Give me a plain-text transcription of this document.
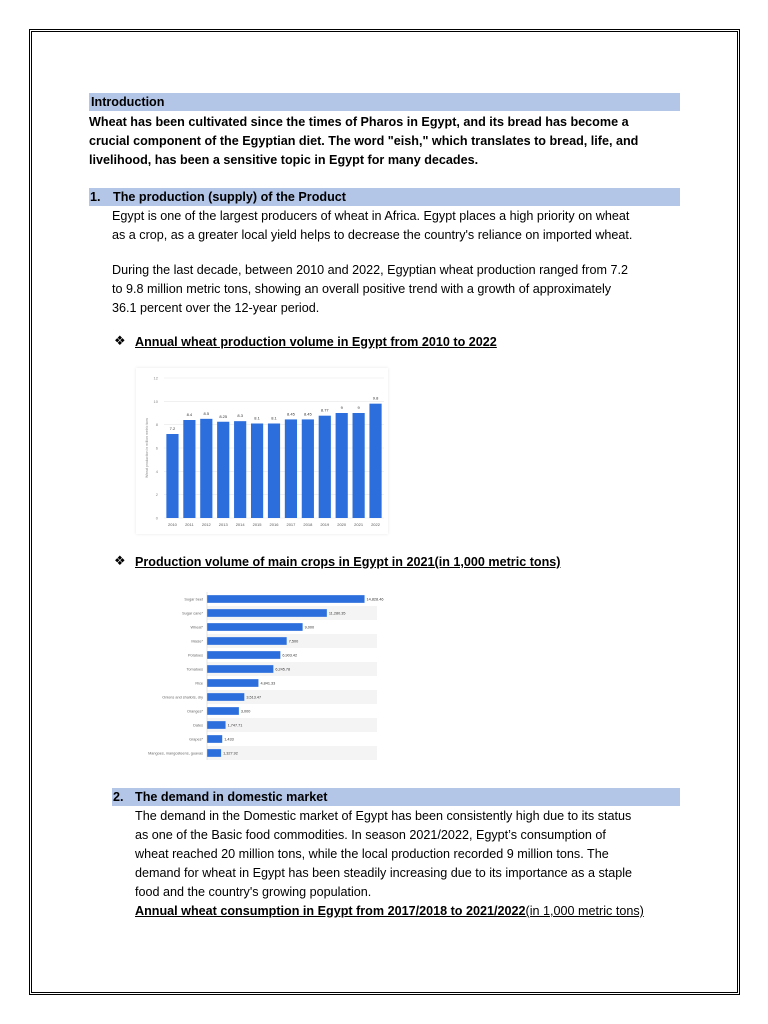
Introduction
Wheat has been cultivated since the times of Pharos in Egypt, and its bread has become a
crucial component of the Egyptian diet. The word "eish," which translates to bread, life, and
livelihood, has been a sensitive topic in Egypt for many decades.
1. The production (supply) of the Product
Egypt is one of the largest producers of wheat in Africa. Egypt places a high priority on wheat
as a crop, as a greater local yield helps to decrease the country's reliance on imported wheat.
During the last decade, between 2010 and 2022, Egyptian wheat production ranged from 7.2
to 9.8 million metric tons, showing an overall positive trend with a growth of approximately
36.1 percent over the 12-year period.
❖ Annual wheat production volume in Egypt from 2010 to 2022
0
2
4
6
8
10
12
Wheat production in million metric tons	7.2
2010
8.4
2011
8.5
2012
8.25
2013
8.3
2014
8.1
2015
8.1
2016
8.45
2017
8.45
2018
8.77
2019
9
2020
9
2021
9.8
2022
❖ Production volume of main crops in Egypt in 2021(in 1,000 metric tons)
Sugar beet	14,828.46
Sugar cane*	11,280.35
Wheat*	9,000
Maize*	7,500
Potatoes	6,903.42
Tomatoes	6,245.78
Rice	4,841.33
Onions and shallots, dry	3,513.47
Oranges*	3,000
Dates	1,747.71
Grapes*	1,433
Mangoes, mangosteens, guavas	1,327.92
2. The demand in domestic market
The demand in the Domestic market of Egypt has been consistently high due to its status
as one of the Basic food commodities. In season 2021/2022, Egypt’s consumption of
wheat reached 20 million tons, while the local production recorded 9 million tons. The
demand for wheat in Egypt has been steadily increasing due to its importance as a staple
food and the country's growing population.
Annual wheat consumption in Egypt from 2017/2018 to 2021/2022(in 1,000 metric tons)
